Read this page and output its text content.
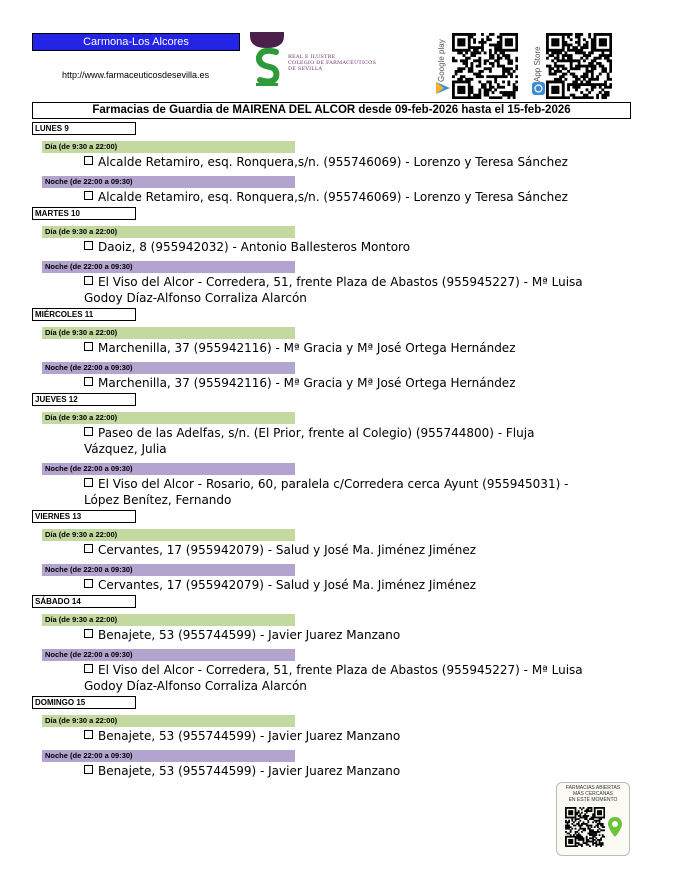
Carmona-Los Alcores
http://www.farmaceuticosdesevilla.es
REAL E ILUSTRE
COLEGIO DE FARMACÉUTICOS
DE SEVILLA	Google play	App Store
Farmacias de Guardia de MAIRENA DEL ALCOR desde 09-feb-2026 hasta el 15-feb-2026
LUNES 9
Día (de 9:30 a 22:00)
Alcalde Retamiro, esq. Ronquera,s/n. (955746069) - Lorenzo y Teresa Sánchez
Noche (de 22:00 a 09:30)
Alcalde Retamiro, esq. Ronquera,s/n. (955746069) - Lorenzo y Teresa Sánchez
MARTES 10
Día (de 9:30 a 22:00)
Daoiz, 8 (955942032) - Antonio Ballesteros Montoro
Noche (de 22:00 a 09:30)
El Viso del Alcor - Corredera, 51, frente Plaza de Abastos (955945227) - Mª Luisa Godoy Díaz-Alfonso Corraliza Alarcón
MIÉRCOLES 11
Día (de 9:30 a 22:00)
Marchenilla, 37 (955942116) - Mª Gracia y Mª José Ortega Hernández
Noche (de 22:00 a 09:30)
Marchenilla, 37 (955942116) - Mª Gracia y Mª José Ortega Hernández
JUEVES 12
Día (de 9:30 a 22:00)
Paseo de las Adelfas, s/n. (El Prior, frente al Colegio) (955744800) - Fluja Vázquez, Julia
Noche (de 22:00 a 09:30)
El Viso del Alcor - Rosario, 60, paralela c/Corredera cerca Ayunt (955945031) - López Benítez, Fernando
VIERNES 13
Día (de 9:30 a 22:00)
Cervantes, 17 (955942079) - Salud y José Ma. Jiménez Jiménez
Noche (de 22:00 a 09:30)
Cervantes, 17 (955942079) - Salud y José Ma. Jiménez Jiménez
SÁBADO 14
Día (de 9:30 a 22:00)
Benajete, 53 (955744599) - Javier Juarez Manzano
Noche (de 22:00 a 09:30)
El Viso del Alcor - Corredera, 51, frente Plaza de Abastos (955945227) - Mª Luisa Godoy Díaz-Alfonso Corraliza Alarcón
DOMINGO 15
Día (de 9:30 a 22:00)
Benajete, 53 (955744599) - Javier Juarez Manzano
Noche (de 22:00 a 09:30)
Benajete, 53 (955744599) - Javier Juarez Manzano
FARMACIAS ABIERTAS
MÁS CERCANAS
EN ESTE MOMENTO
